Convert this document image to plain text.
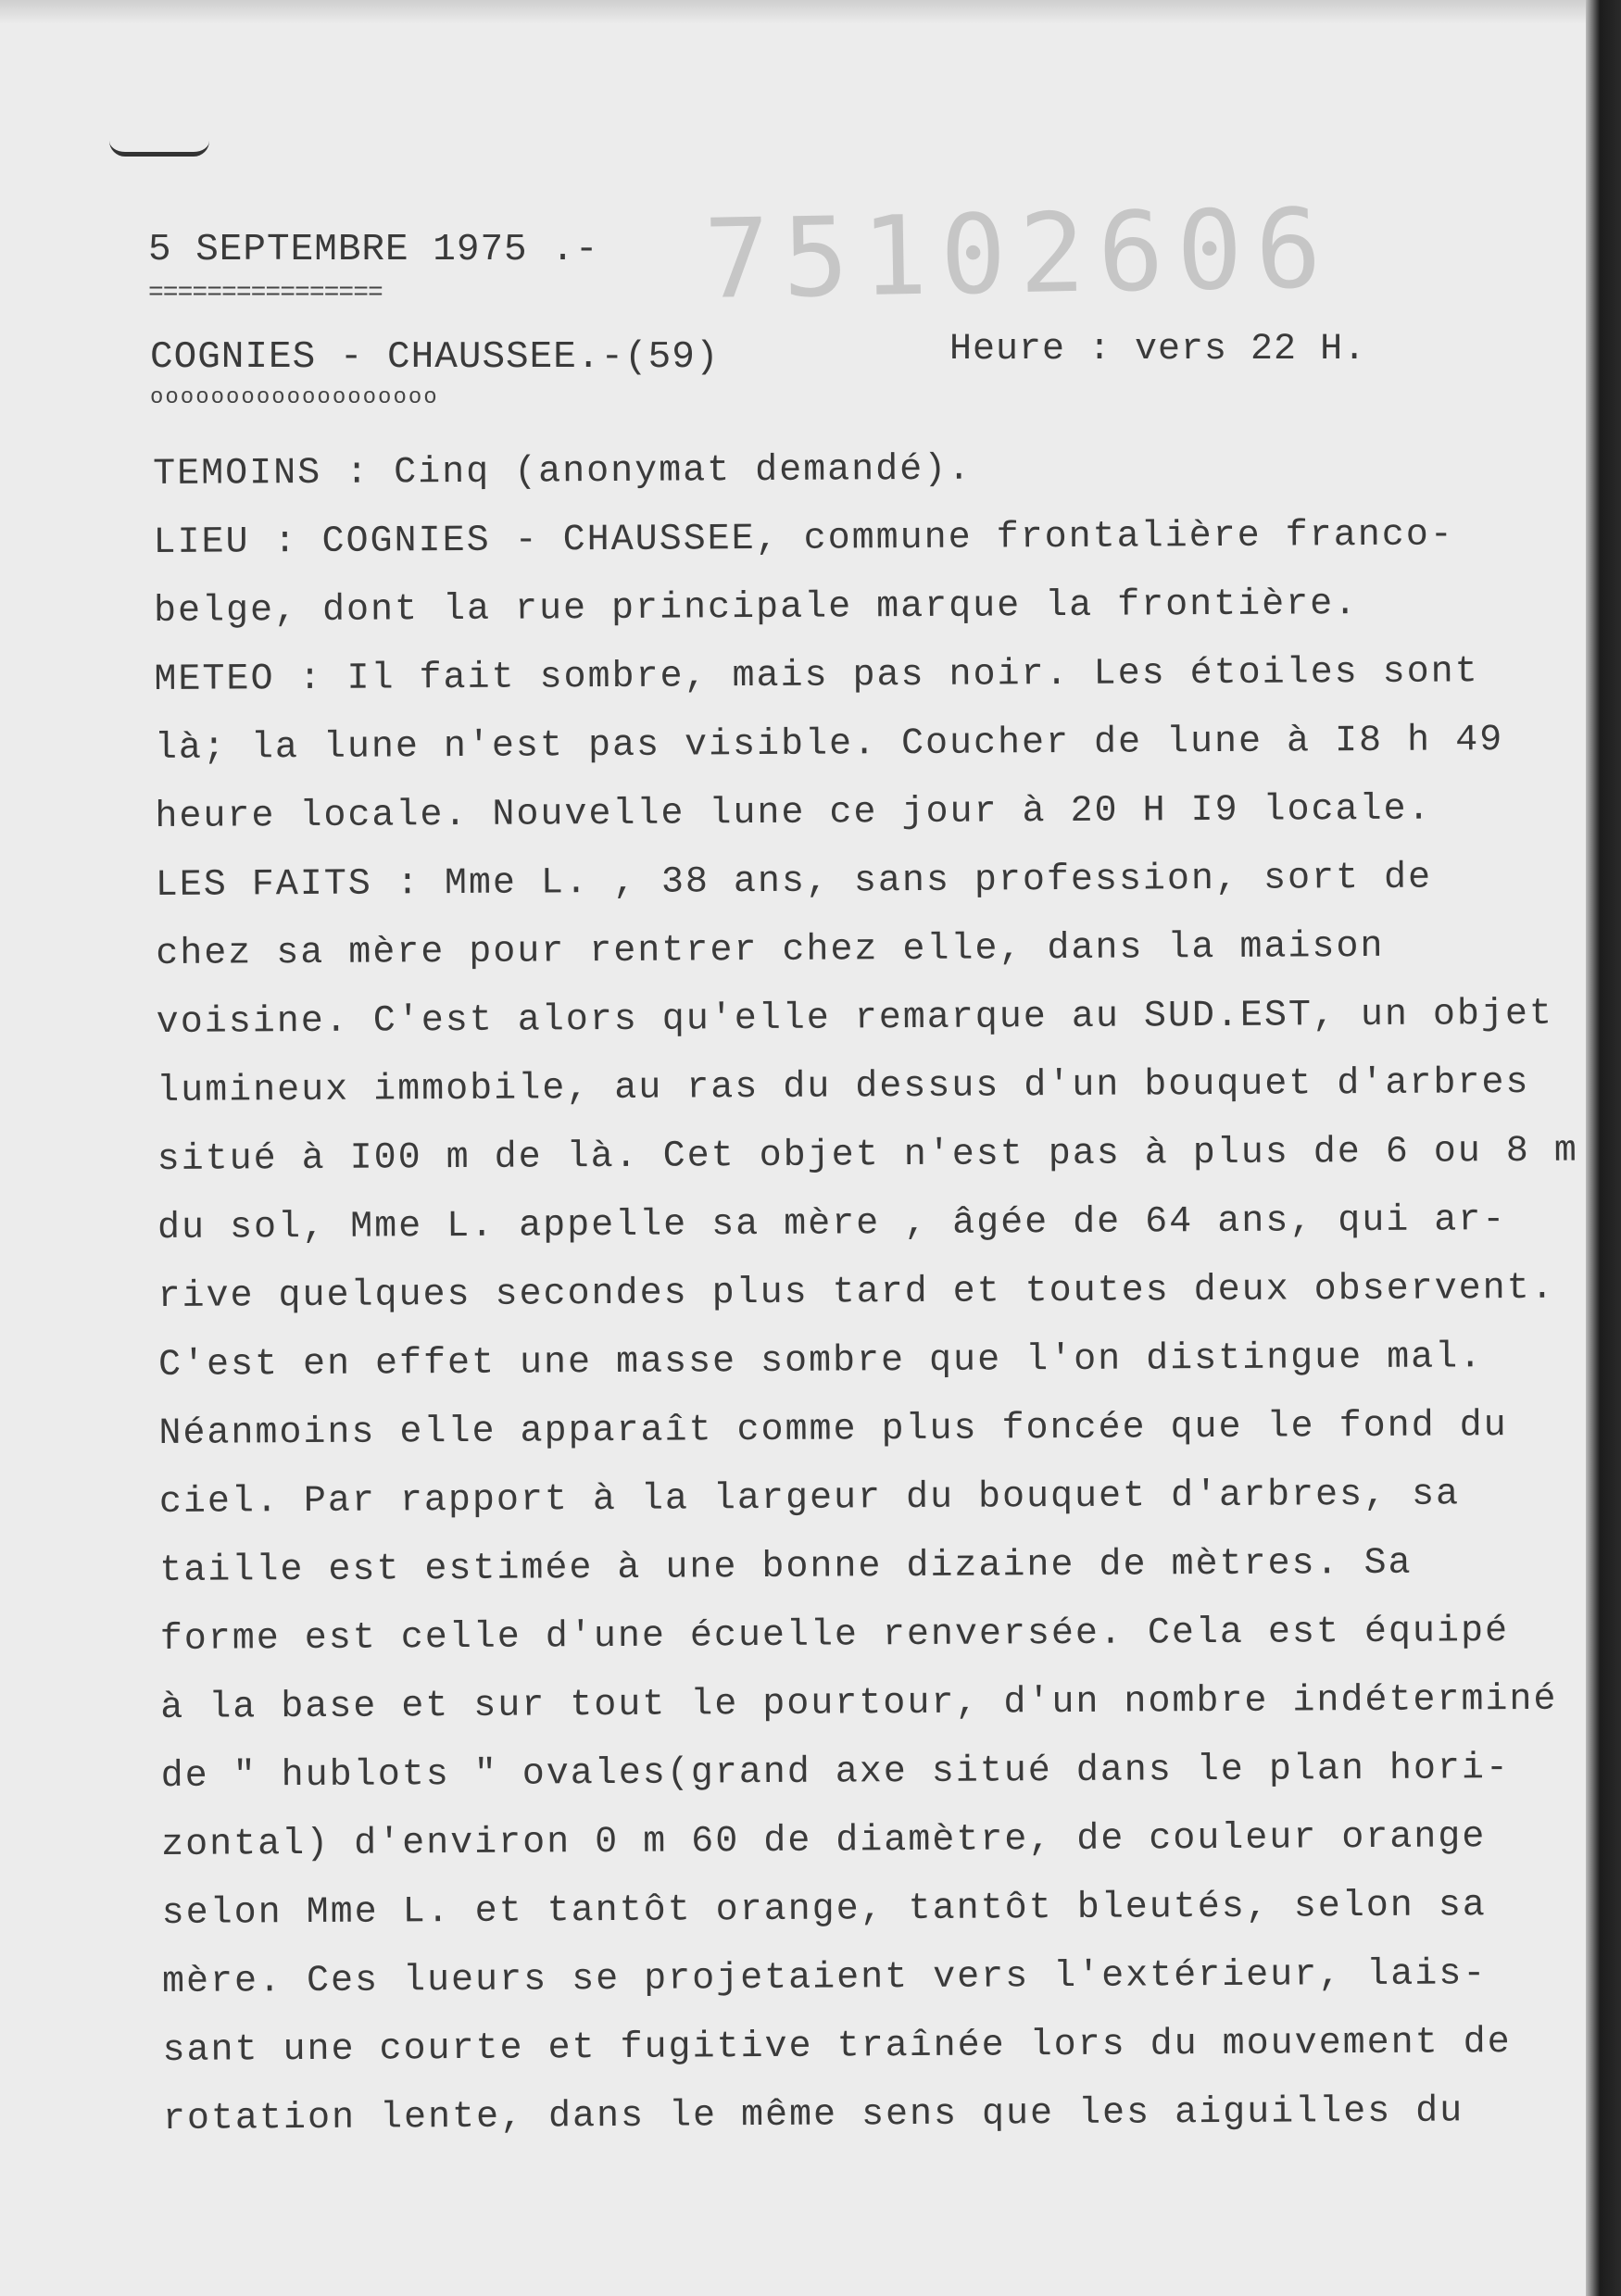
75102606
5 SEPTEMBRE 1975 .-
================
COGNIES - CHAUSSEE.-(59)
ooooooooooooooooooo
Heure : vers 22 H.
TEMOINS : Cinq (anonymat demandé).
LIEU : COGNIES - CHAUSSEE, commune frontalière franco-
belge, dont la rue principale marque la frontière.
METEO : Il fait sombre, mais pas noir. Les étoiles sont
là; la lune n'est pas visible. Coucher de lune à I8 h 49
heure locale. Nouvelle lune ce jour à 20 H I9 locale.
LES FAITS : Mme L. , 38 ans, sans profession, sort de
chez sa mère pour rentrer chez elle, dans la maison
voisine. C'est alors qu'elle remarque au SUD.EST, un objet
lumineux immobile, au ras du dessus d'un bouquet d'arbres
situé à I00 m de là. Cet objet n'est pas à plus de 6 ou 8 m
du sol, Mme L. appelle sa mère , âgée de 64 ans, qui ar-
rive quelques secondes plus tard et toutes deux observent.
C'est en effet une masse sombre que l'on distingue mal.
Néanmoins elle apparaît comme plus foncée que le fond du
ciel. Par rapport à la largeur du bouquet d'arbres, sa
taille est estimée à une bonne dizaine de mètres. Sa
forme est celle d'une écuelle renversée. Cela est équipé
à la base et sur tout le pourtour, d'un nombre indéterminé
de " hublots " ovales(grand axe situé dans le plan hori-
zontal) d'environ 0 m 60 de diamètre, de couleur orange
selon Mme L. et tantôt orange, tantôt bleutés, selon sa
mère. Ces lueurs se projetaient vers l'extérieur, lais-
sant une courte et fugitive traînée lors du mouvement de
rotation lente, dans le même sens que les aiguilles du
